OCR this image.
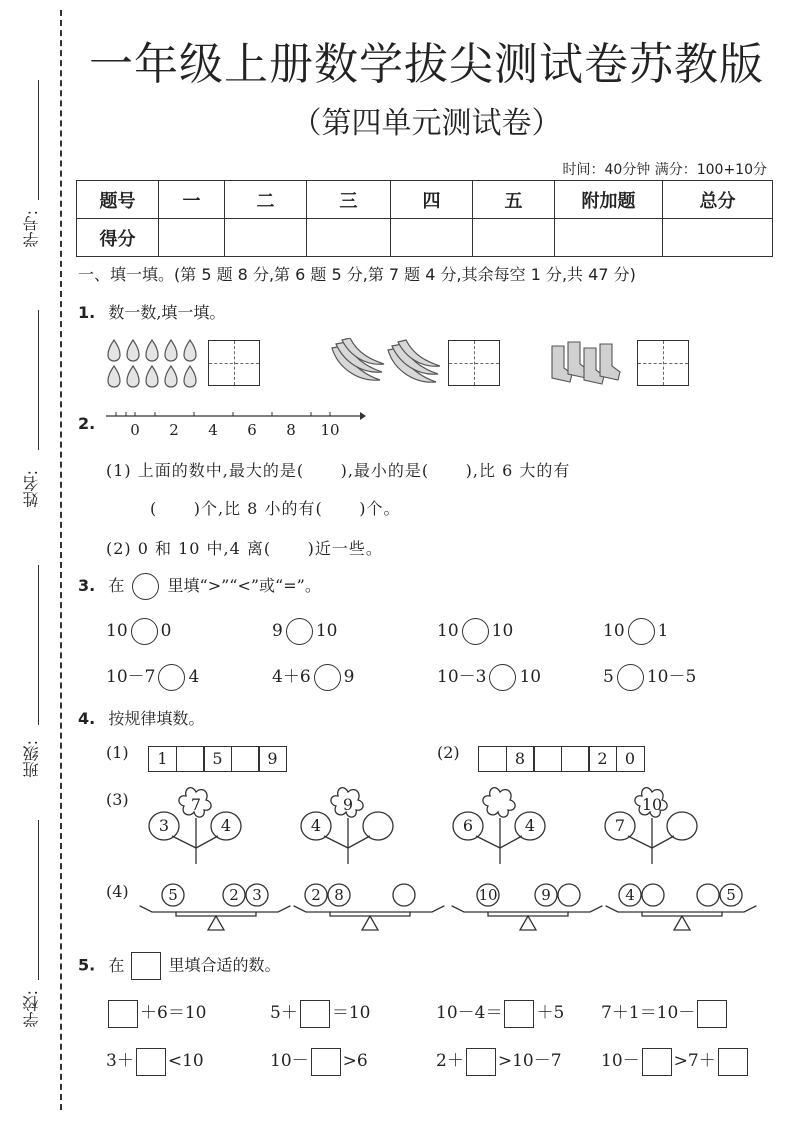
学号:
姓名:
班级:
学校:
一年级上册数学拔尖测试卷苏教版
（第四单元测试卷）
时间：40分钟 满分：100+10分
题号	一	二	三	四	五	附加题	总分
得分							
一、填一填。(第 5 题 8 分,第 6 题 5 分,第 7 题 4 分,其余每空 1 分,共 47 分)
1. 数一数,填一填。
2. 0 2 4 6 8 10
(1) 上面的数中,最大的是(      ),最小的是(      ),比 6 大的有
(      )个,比 8 小的有(      )个。
(2) 0 和 10 中,4 离(      )近一些。
3. 在	里填“>”“<”或“=”。
10 0	9 10	10 10	10 1
10－7 4	4＋6 9	10－3 10	5 10－5
4. 按规律填数。
(1)	1	5	9	(2)	8	2	0
(3)	7
3	4
9
4	6	4
10
7
(4)	5	2 3	2 8	10	9	4	5
5. 在	里填合适的数。
＋6＝10	5＋ ＝10	10－4＝ ＋5 7＋1＝10－
3＋ <10	10－ >6	2＋ >10－7 10－ >7＋
